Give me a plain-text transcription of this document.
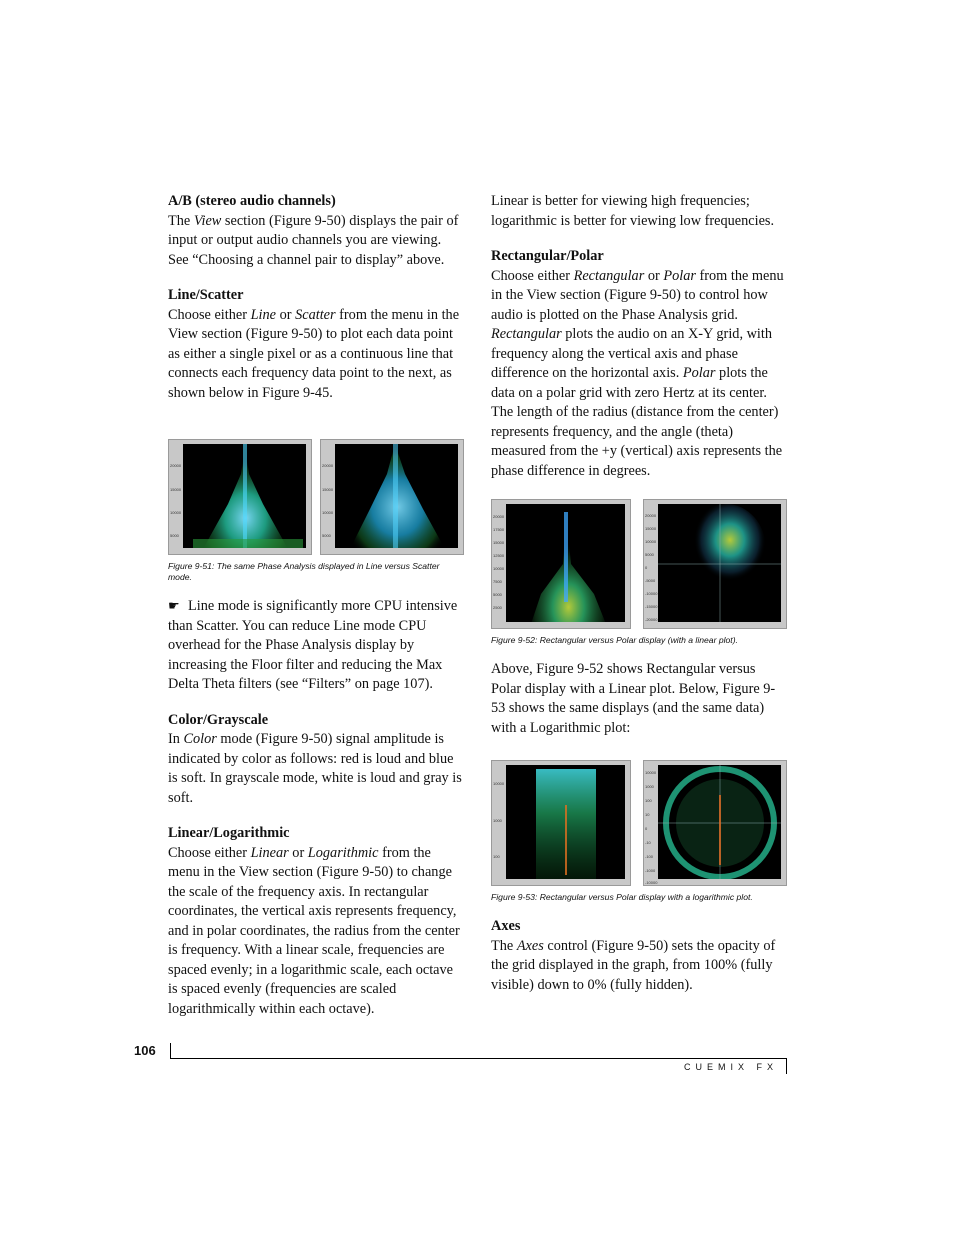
A/B (stereo audio channels)

The View section (Figure 9-50) displays the pair of input or output audio channels you are viewing. See “Choosing a channel pair to display” above.

Line/Scatter

Choose either Line or Scatter from the menu in the View section (Figure 9-50) to plot each data point as either a single pixel or as a continuous line that connects each frequency data point to the next, as shown below in Figure 9-45.

20000
15000
10000
5000
20000
15000
10000
5000

Figure 9-51: The same Phase Analysis displayed in Line versus Scatter mode.

☛ Line mode is significantly more CPU intensive than Scatter. You can reduce Line mode CPU overhead for the Phase Analysis display by increasing the Floor filter and reducing the Max Delta Theta filters (see “Filters” on page 107).

Color/Grayscale

In Color mode (Figure 9-50) signal amplitude is indicated by color as follows: red is loud and blue is soft. In grayscale mode, white is loud and gray is soft.

Linear/Logarithmic

Choose either Linear or Logarithmic from the menu in the View section (Figure 9-50) to change the scale of the frequency axis. In rectangular coordinates, the vertical axis represents frequency, and in polar coordinates, the radius from the center is frequency. With a linear scale, frequencies are spaced evenly; in a logarithmic scale, each octave is spaced evenly (frequencies are scaled logarithmically within each octave).

Linear is better for viewing high frequencies; logarithmic is better for viewing low frequencies.

Rectangular/Polar

Choose either Rectangular or Polar from the menu in the View section (Figure 9-50) to control how audio is plotted on the Phase Analysis grid. Rectangular plots the audio on an X-Y grid, with frequency along the vertical axis and phase difference on the horizontal axis. Polar plots the data on a polar grid with zero Hertz at its center. The length of the radius (distance from the center) represents frequency, and the angle (theta) measured from the +y (vertical) axis represents the phase difference in degrees.

20000
17500
15000
12500
10000
7500
5000
2500
20000
15000
10000
5000
0
-5000
-10000
-15000
-20000

Figure 9-52: Rectangular versus Polar display (with a linear plot).

Above, Figure 9-52 shows Rectangular versus Polar display with a Linear plot. Below, Figure 9-53 shows the same displays (and the same data) with a Logarithmic plot:

10000
1000
100
10000
1000
100
10
0
-10
-100
-1000
-10000

Figure 9-53: Rectangular versus Polar display with a logarithmic plot.

Axes

The Axes control (Figure 9-50) sets the opacity of the grid displayed in the graph, from 100% (fully visible) down to 0% (fully hidden).

106
CUEMIX FX
